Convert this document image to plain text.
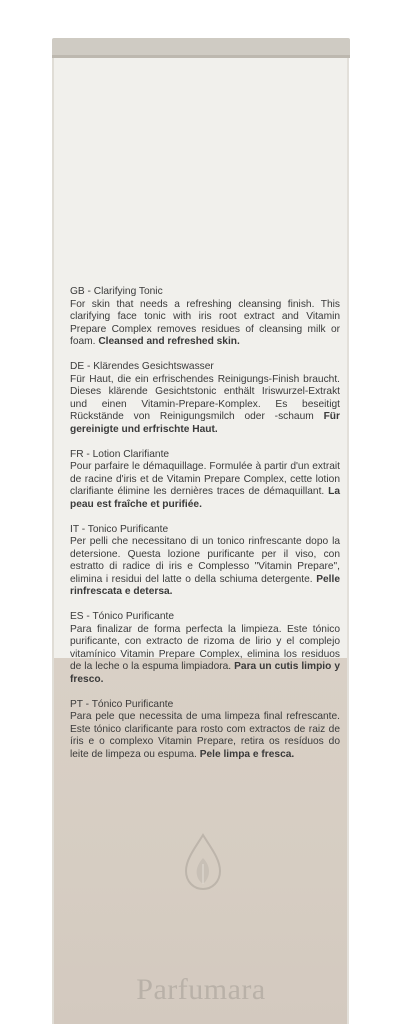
GB - Clarifying Tonic
For skin that needs a refreshing cleansing finish. This clarifying face tonic with iris root extract and Vitamin Prepare Complex removes residues of cleansing milk or foam. Cleansed and refreshed skin.
DE - Klärendes Gesichtswasser
Für Haut, die ein erfrischendes Reinigungs-Finish braucht. Dieses klärende Gesichtstonic enthält Iriswurzel-Extrakt und einen Vitamin-Prepare-Komplex. Es beseitigt Rückstände von Reinigungsmilch oder -schaum Für gereinigte und erfrischte Haut.
FR - Lotion Clarifiante
Pour parfaire le démaquillage. Formulée à partir d'un extrait de racine d'iris et de Vitamin Prepare Complex, cette lotion clarifiante élimine les dernières traces de démaquillant. La peau est fraîche et purifiée.
IT - Tonico Purificante
Per pelli che necessitano di un tonico rinfrescante dopo la detersione. Questa lozione purificante per il viso, con estratto di radice di iris e Complesso "Vitamin Prepare", elimina i residui del latte o della schiuma detergente. Pelle rinfrescata e detersa.
ES - Tónico Purificante
Para finalizar de forma perfecta la limpieza. Este tónico purificante, con extracto de rizoma de lirio y el complejo vitamínico Vitamin Prepare Complex, elimina los residuos de la leche o la espuma limpiadora. Para un cutis limpio y fresco.
PT - Tónico Purificante
Para pele que necessita de uma limpeza final refrescante. Este tónico clarificante para rosto com extractos de raiz de íris e o complexo Vitamin Prepare, retira os resíduos do leite de limpeza ou espuma. Pele limpa e fresca.
Parfumara
